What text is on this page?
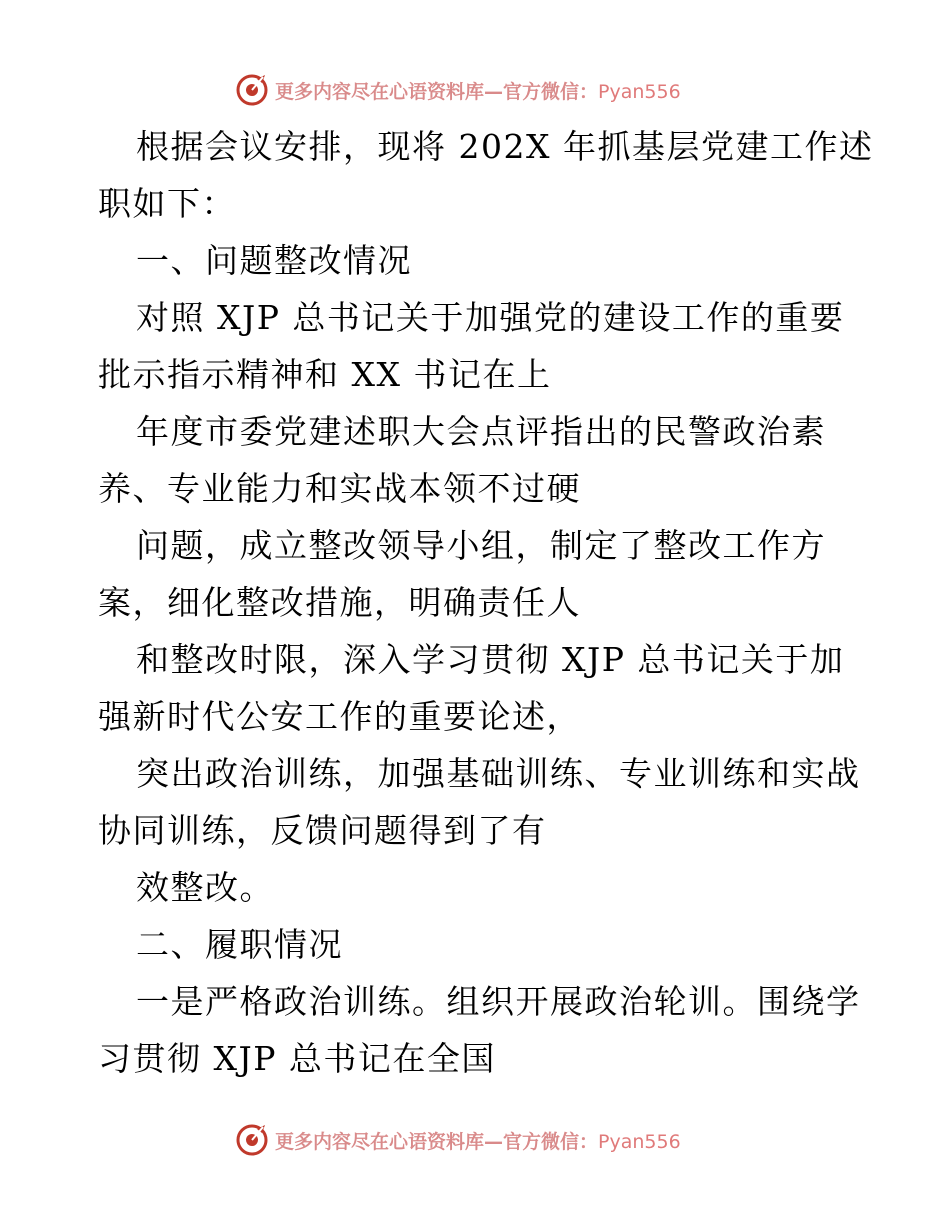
更多内容尽在心语资料库—官方微信：Pyan556
根据会议安排，现将 202X 年抓基层党建工作述
职如下：
一、问题整改情况
对照 XJP 总书记关于加强党的建设工作的重要
批示指示精神和 XX 书记在上
年度市委党建述职大会点评指出的民警政治素
养、专业能力和实战本领不过硬
问题，成立整改领导小组，制定了整改工作方
案，细化整改措施，明确责任人
和整改时限，深入学习贯彻 XJP 总书记关于加
强新时代公安工作的重要论述，
突出政治训练，加强基础训练、专业训练和实战
协同训练，反馈问题得到了有
效整改。
二、履职情况
一是严格政治训练。组织开展政治轮训。围绕学
习贯彻 XJP 总书记在全国
更多内容尽在心语资料库—官方微信：Pyan556
